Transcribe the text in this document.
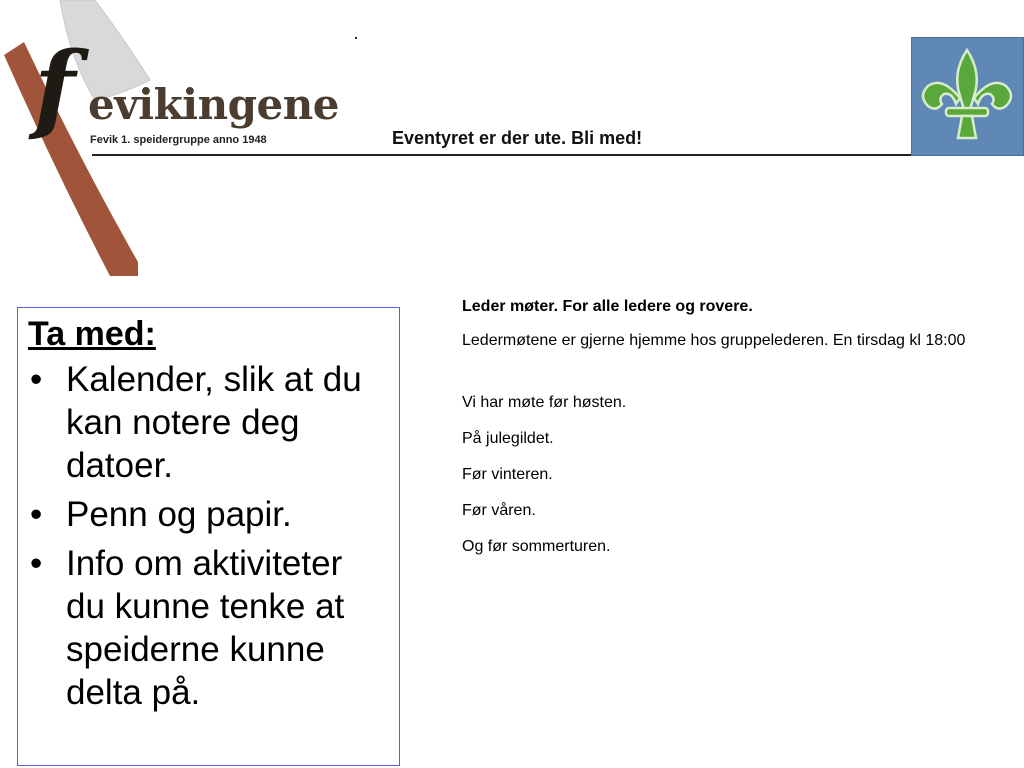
f evikingene
Fevik 1. speidergruppe anno 1948	Eventyret er der ute. Bli med!
Ta med:
• Kalender, slik at du kan notere deg datoer.
• Penn og papir.
• Info om aktiviteter du kunne tenke at speiderne kunne delta på.

Leder møter. For alle ledere og rovere.

Ledermøtene er gjerne hjemme hos gruppelederen. En tirsdag kl 18:00

Vi har møte før høsten.

På julegildet.

Før vinteren.

Før våren.

Og før sommerturen.
